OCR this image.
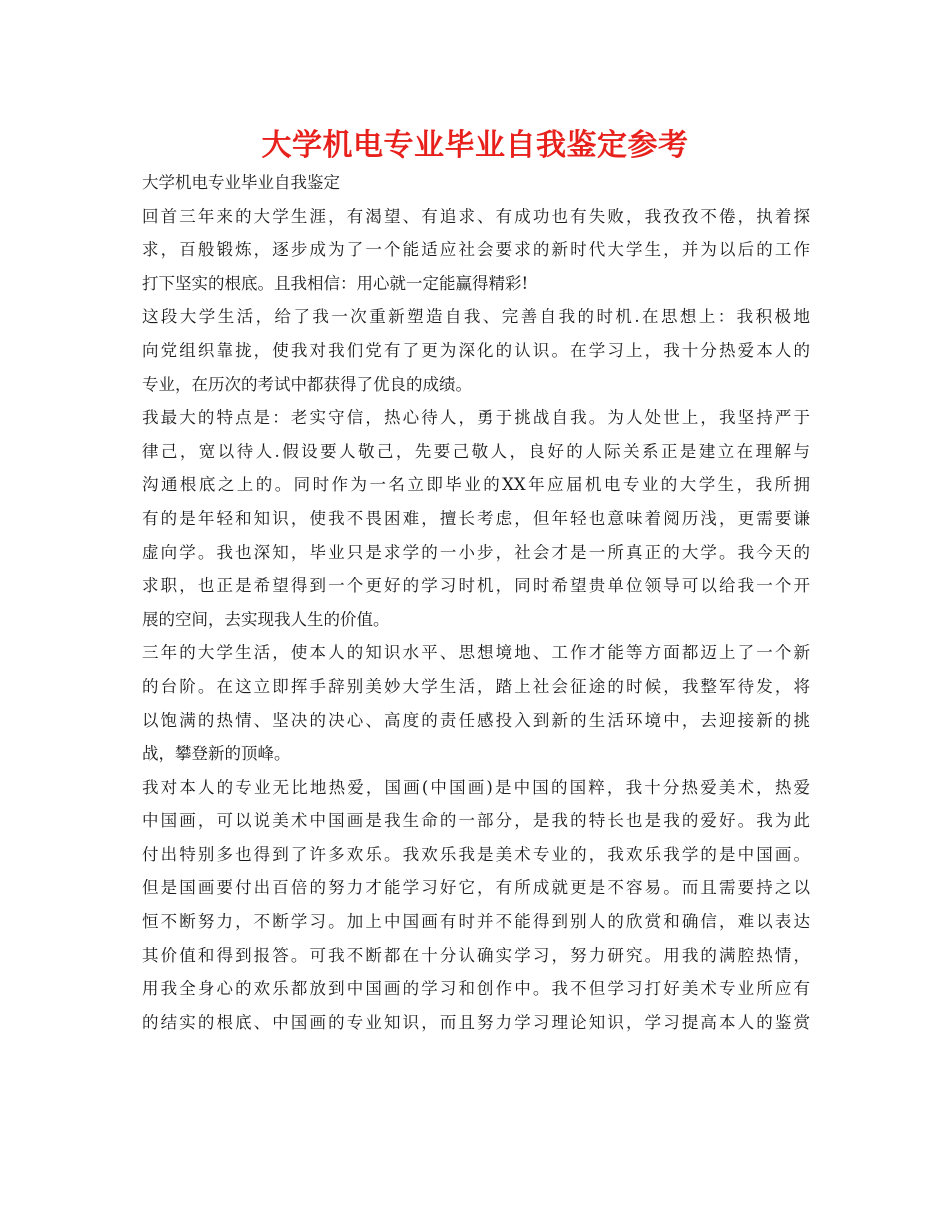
大学机电专业毕业自我鉴定参考
大学机电专业毕业自我鉴定
回首三年来的大学生涯，有渴望、有追求、有成功也有失败，我孜孜不倦，执着探
求，百般锻炼，逐步成为了一个能适应社会要求的新时代大学生，并为以后的工作
打下坚实的根底。且我相信：用心就一定能赢得精彩!
这段大学生活，给了我一次重新塑造自我、完善自我的时机.在思想上：我积极地
向党组织靠拢，使我对我们党有了更为深化的认识。在学习上，我十分热爱本人的
专业，在历次的考试中都获得了优良的成绩。
我最大的特点是：老实守信，热心待人，勇于挑战自我。为人处世上，我坚持严于
律己，宽以待人.假设要人敬己，先要己敬人，良好的人际关系正是建立在理解与
沟通根底之上的。同时作为一名立即毕业的XX年应届机电专业的大学生，我所拥
有的是年轻和知识，使我不畏困难，擅长考虑，但年轻也意味着阅历浅，更需要谦
虚向学。我也深知，毕业只是求学的一小步，社会才是一所真正的大学。我今天的
求职，也正是希望得到一个更好的学习时机，同时希望贵单位领导可以给我一个开
展的空间，去实现我人生的价值。
三年的大学生活，使本人的知识水平、思想境地、工作才能等方面都迈上了一个新
的台阶。在这立即挥手辞别美妙大学生活，踏上社会征途的时候，我整军待发，将
以饱满的热情、坚决的决心、高度的责任感投入到新的生活环境中，去迎接新的挑
战，攀登新的顶峰。
我对本人的专业无比地热爱，国画(中国画)是中国的国粹，我十分热爱美术，热爱
中国画，可以说美术中国画是我生命的一部分，是我的特长也是我的爱好。我为此
付出特别多也得到了许多欢乐。我欢乐我是美术专业的，我欢乐我学的是中国画。
但是国画要付出百倍的努力才能学习好它，有所成就更是不容易。而且需要持之以
恒不断努力，不断学习。加上中国画有时并不能得到别人的欣赏和确信，难以表达
其价值和得到报答。可我不断都在十分认确实学习，努力研究。用我的满腔热情，
用我全身心的欢乐都放到中国画的学习和创作中。我不但学习打好美术专业所应有
的结实的根底、中国画的专业知识，而且努力学习理论知识，学习提高本人的鉴赏
